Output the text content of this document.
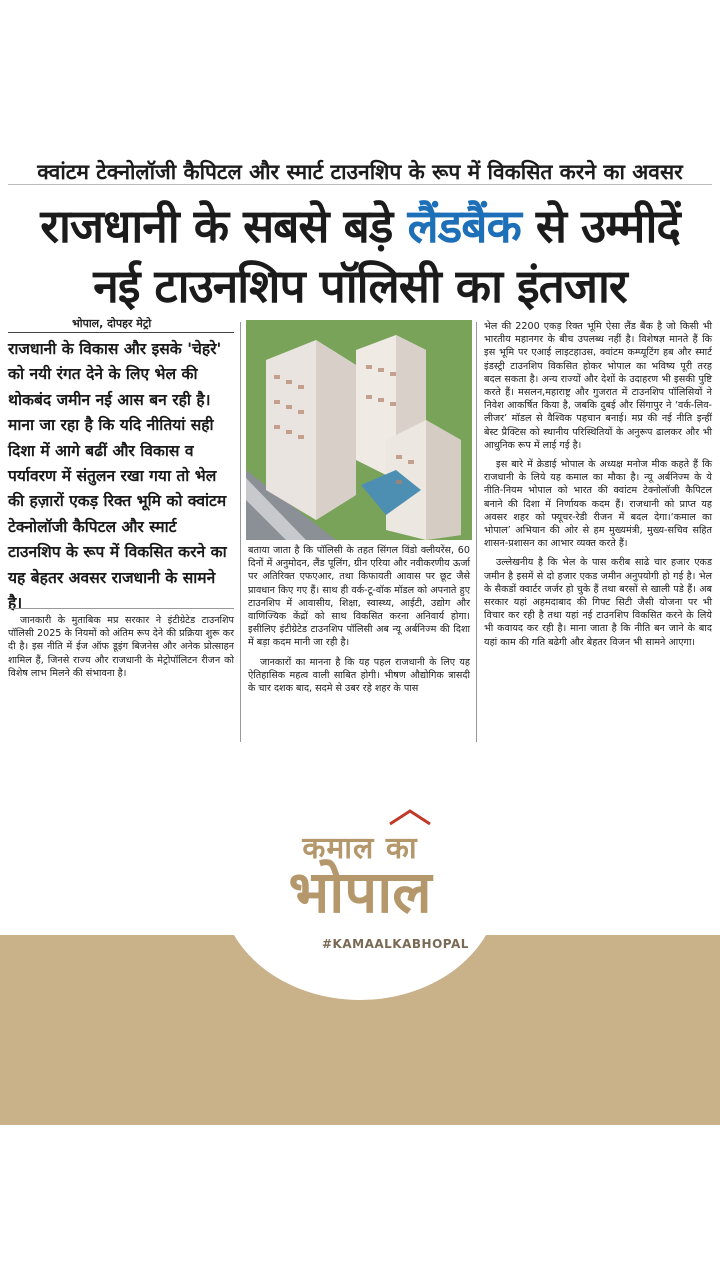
क्वांटम टेक्नोलॉजी कैपिटल और स्मार्ट टाउनशिप के रूप में विकसित करने का अवसर
राजधानी के सबसे बड़े लैंडबैंक से उम्मीदें
नई टाउनशिप पॉलिसी का इंतजार
भोपाल, दोपहर मेट्रो
राजधानी के विकास और इसके 'चेहरे' को नयी रंगत देने के लिए भेल की थोकबंद जमीन नई आस बन रही है। माना जा रहा है कि यदि नीतियां सही दिशा में आगे बढीं और विकास व पर्यावरण में संतुलन रखा गया तो भेल की हज़ारों एकड़ रिक्त भूमि को क्वांटम टेक्नोलॉजी कैपिटल और स्मार्ट टाउनशिप के रूप में विकसित करने का यह बेहतर अवसर राजधानी के सामने है।

जानकारी के मुताबिक मप्र सरकार ने इंटीग्रेटेड टाउनशिप पॉलिसी 2025 के नियमों को अंतिम रूप देने की प्रक्रिया शुरू कर दी है। इस नीति में ईज ऑफ डूइंग बिजनेस और अनेक प्रोत्साहन शामिल हैं, जिनसे राज्य और राजधानी के मेट्रोपॉलिटन रीजन को विशेष लाभ मिलने की संभावना है।

बताया जाता है कि पॉलिसी के तहत सिंगल विंडो क्लीयरेंस, 60 दिनों में अनुमोदन, लैंड पूलिंग, ग्रीन एरिया और नवीकरणीय ऊर्जा पर अतिरिक्त एफएआर, तथा किफायती आवास पर छूट जैसे प्रावधान किए गए हैं। साथ ही वर्क-टू-वॉक मॉडल को अपनाते हुए टाउनशिप में आवासीय, शिक्षा, स्वास्थ्य, आईटी, उद्योग और वाणिज्यिक केंद्रों को साथ विकसित करना अनिवार्य होगा। इसीलिए इंटीग्रेटेड टाउनशिप पॉलिसी अब न्यू अर्बनिज्म की दिशा में बड़ा कदम मानी जा रही है।

जानकारों का मानना है कि यह पहल राजधानी के लिए यह ऐतिहासिक महत्व वाली साबित होगी। भीषण औद्योगिक त्रासदी के चार दशक बाद, सदमे से उबर रहे शहर के पास

भेल की 2200 एकड़ रिक्त भूमि ऐसा लैंड बैंक है जो किसी भी भारतीय महानगर के बीच उपलब्ध नहीं है। विशेषज्ञ मानते हैं कि इस भूमि पर एआई लाइटहाउस, क्वांटम कम्प्यूटिंग हब और स्मार्ट इंडस्ट्री टाउनशिप विकसित होकर भोपाल का भविष्य पूरी तरह बदल सकता है। अन्य राज्यों और देशों के उदाहरण भी इसकी पुष्टि करते हैं। मसलन,महाराष्ट्र और गुजरात में टाउनशिप पॉलिसियों ने निवेश आकर्षित किया है, जबकि दुबई और सिंगापुर ने ‘वर्क-लिव-लीजर’ मॉडल से वैश्विक पहचान बनाई। मप्र की नई नीति इन्हीं बेस्ट प्रैक्टिस को स्थानीय परिस्थितियों के अनुरूप ढालकर और भी आधुनिक रूप में लाई गई है।

इस बारे में क्रेडाई भोपाल के अध्यक्ष मनोज मीक कहते हैं कि राजधानी के लिये यह कमाल का मौका है। न्यू अर्बनिज्म के ये नीति-नियम भोपाल को भारत की क्वांटम टेक्नोलॉजी कैपिटल बनाने की दिशा में निर्णायक कदम हैं। राजधानी को प्राप्त यह अवसर शहर को फ्यूचर-रेडी रीजन में बदल देगा।‘कमाल का भोपाल’ अभियान की ओर से हम मुख्यमंत्री, मुख्य-सचिव सहित शासन-प्रशासन का आभार व्यक्त करते हैं।

उल्लेखनीय है कि भेल के पास करीब साढे चार हजार एकड जमीन है इसमें से दो हजार एकड जमीन अनुपयोगी हो गई है। भेल के सैकडों क्वार्टर जर्जर हो चुके हैं तथा बरसों से खाली पडे हैं। अब सरकार यहां अहमदाबाद की गिफ्ट सिटी जैसी योजना पर भी विचार कर रही है तथा यहां नई टाउनशिप विकसित करने के लिये भी कवायद कर रही है। माना जाता है कि नीति बन जाने के बाद यहां काम की गति बढेगी और बेहतर विजन भी सामने आएगा।

कमाल का
भोपाल
#KAMAALKABHOPAL
